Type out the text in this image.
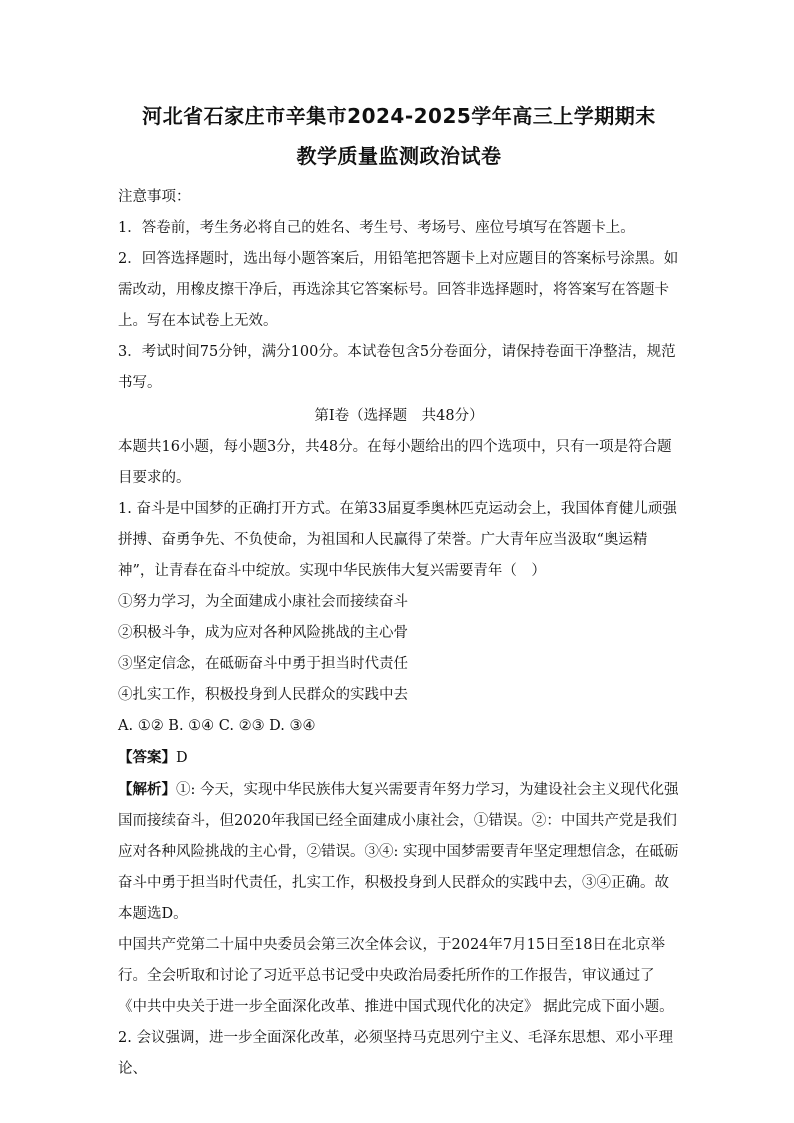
河北省石家庄市辛集市2024-2025学年高三上学期期末
教学质量监测政治试卷

注意事项：

1．答卷前，考生务必将自己的姓名、考生号、考场号、座位号填写在答题卡上。

2．回答选择题时，选出每小题答案后，用铅笔把答题卡上对应题目的答案标号涂黑。如需改动，用橡皮擦干净后，再选涂其它答案标号。回答非选择题时，将答案写在答题卡上。写在本试卷上无效。

3．考试时间75分钟，满分100分。本试卷包含5分卷面分，请保持卷面干净整洁，规范书写。

第Ⅰ卷（选择题　共48分）

本题共16小题，每小题3分，共48分。在每小题给出的四个选项中，只有一项是符合题目要求的。

1. 奋斗是中国梦的正确打开方式。在第33届夏季奥林匹克运动会上，我国体育健儿顽强拼搏、奋勇争先、不负使命，为祖国和人民赢得了荣誉。广大青年应当汲取“奥运精神”，让青春在奋斗中绽放。实现中华民族伟大复兴需要青年（　）

①努力学习，为全面建成小康社会而接续奋斗

②积极斗争，成为应对各种风险挑战的主心骨

③坚定信念，在砥砺奋斗中勇于担当时代责任

④扎实工作，积极投身到人民群众的实践中去

A. ①② B. ①④ C. ②③ D. ③④

【答案】D

【解析】①: 今天，实现中华民族伟大复兴需要青年努力学习，为建设社会主义现代化强国而接续奋斗，但2020年我国已经全面建成小康社会，①错误。②：中国共产党是我们应对各种风险挑战的主心骨，②错误。③④: 实现中国梦需要青年坚定理想信念，在砥砺奋斗中勇于担当时代责任，扎实工作，积极投身到人民群众的实践中去，③④正确。故本题选D。

中国共产党第二十届中央委员会第三次全体会议，于2024年7月15日至18日在北京举行。全会听取和讨论了习近平总书记受中央政治局委托所作的工作报告，审议通过了《中共中央关于进一步全面深化改革、推进中国式现代化的决定》 据此完成下面小题。

2. 会议强调，进一步全面深化改革，必须坚持马克思列宁主义、毛泽东思想、邓小平理论、
